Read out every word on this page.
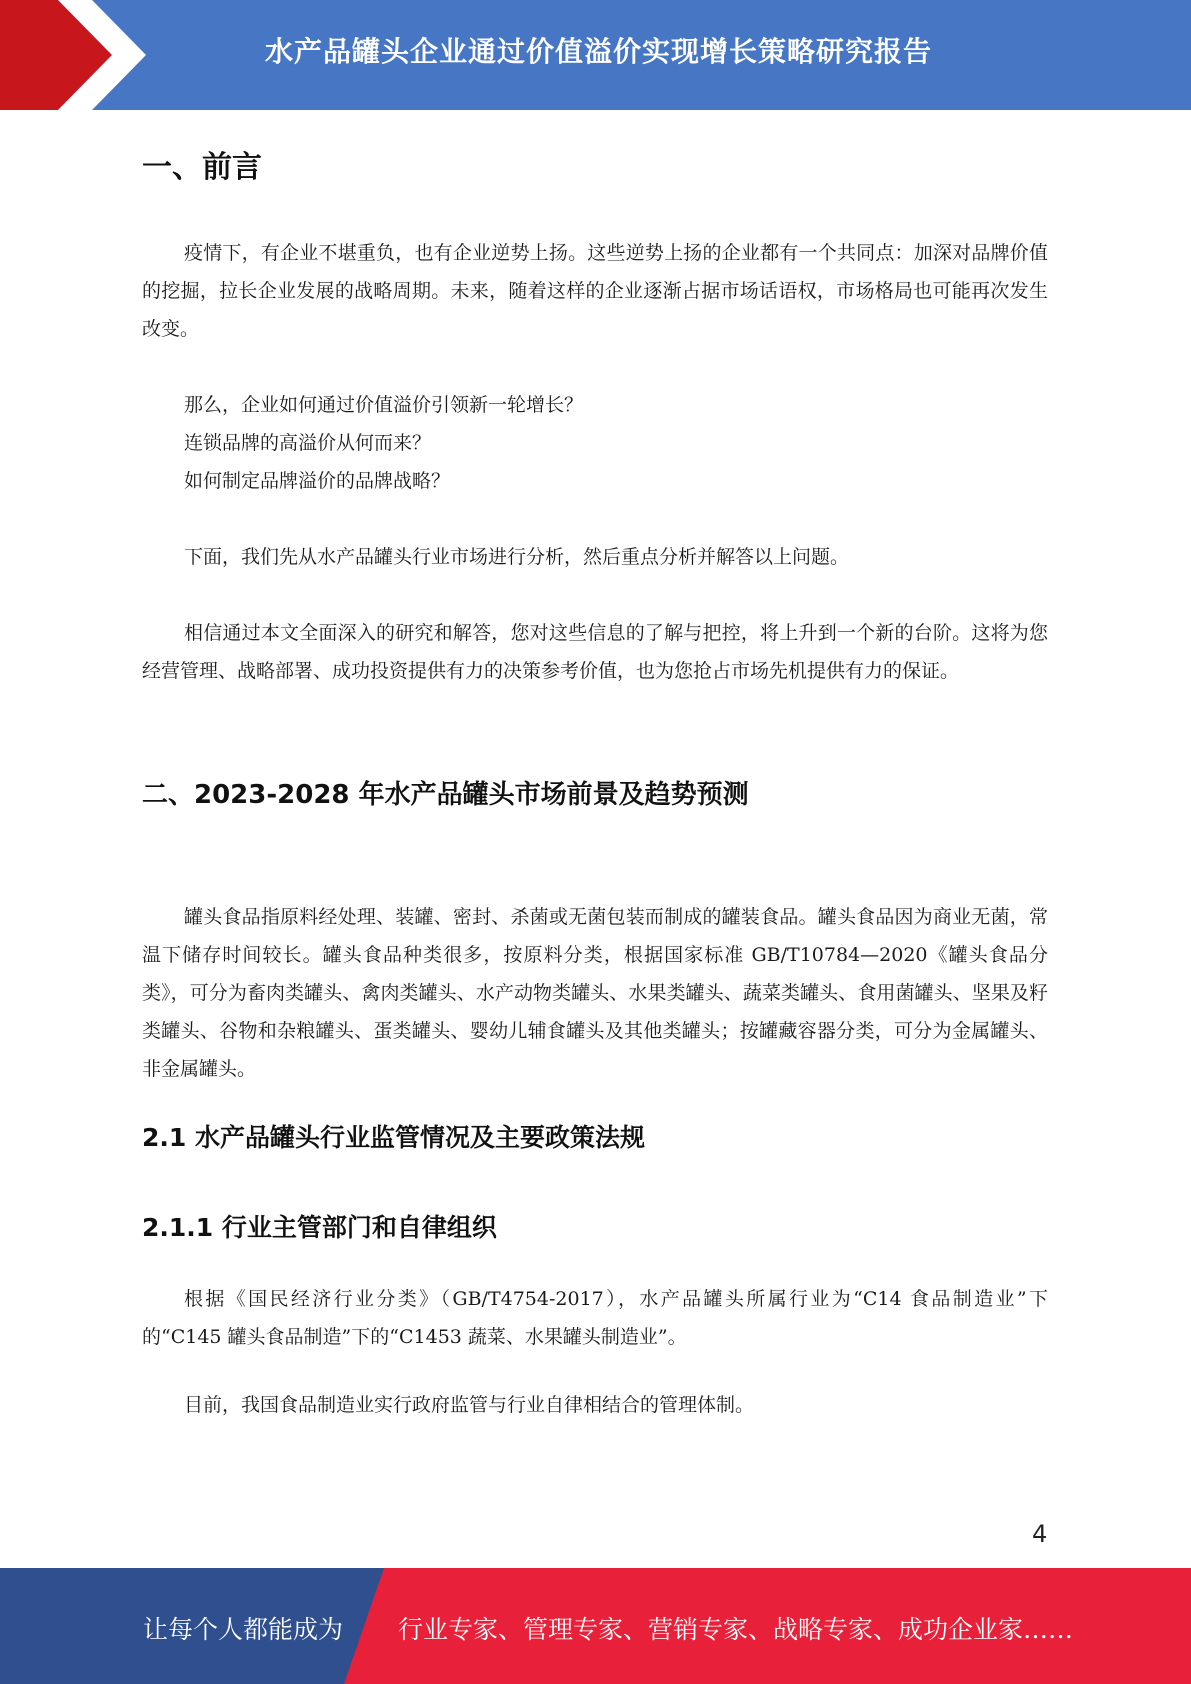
水产品罐头企业通过价值溢价实现增长策略研究报告
一、前言

疫情下，有企业不堪重负，也有企业逆势上扬。这些逆势上扬的企业都有一个共同点：加深对品牌价值的挖掘，拉长企业发展的战略周期。未来，随着这样的企业逐渐占据市场话语权，市场格局也可能再次发生改变。

那么，企业如何通过价值溢价引领新一轮增长？

连锁品牌的高溢价从何而来？

如何制定品牌溢价的品牌战略？

下面，我们先从水产品罐头行业市场进行分析，然后重点分析并解答以上问题。

相信通过本文全面深入的研究和解答，您对这些信息的了解与把控，将上升到一个新的台阶。这将为您经营管理、战略部署、成功投资提供有力的决策参考价值，也为您抢占市场先机提供有力的保证。

二、2023-2028 年水产品罐头市场前景及趋势预测

罐头食品指原料经处理、装罐、密封、杀菌或无菌包装而制成的罐装食品。罐头食品因为商业无菌，常温下储存时间较长。罐头食品种类很多，按原料分类，根据国家标准 GB/T10784—2020《罐头食品分类》，可分为畜肉类罐头、禽肉类罐头、水产动物类罐头、水果类罐头、蔬菜类罐头、食用菌罐头、坚果及籽类罐头、谷物和杂粮罐头、蛋类罐头、婴幼儿辅食罐头及其他类罐头；按罐藏容器分类，可分为金属罐头、非金属罐头。

2.1 水产品罐头行业监管情况及主要政策法规
2.1.1 行业主管部门和自律组织

根据《国民经济行业分类》（GB/T4754-2017），水产品罐头所属行业为“C14 食品制造业”下的“C145 罐头食品制造”下的“C1453 蔬菜、水果罐头制造业”。

目前，我国食品制造业实行政府监管与行业自律相结合的管理体制。

4
让每个人都能成为 行业专家、管理专家、营销专家、战略专家、成功企业家……
